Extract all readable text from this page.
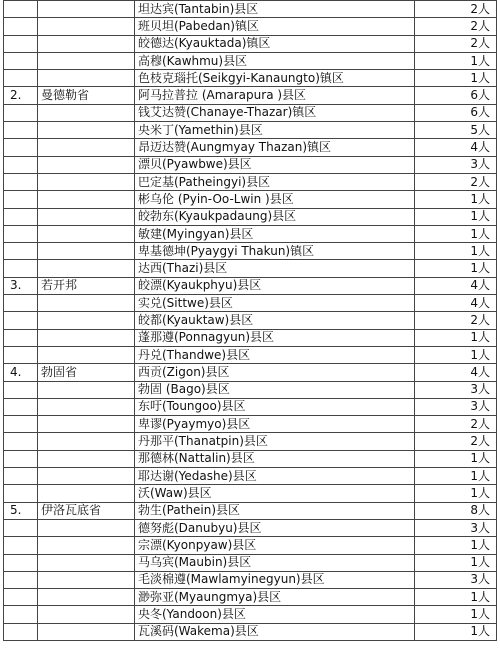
		坦达宾(Tantabin)县区	2人
		班贝坦(Pabedan)镇区	2人
		皎德达(Kyauktada)镇区	2人
		高穆(Kawhmu)县区	1人
		色枝克瑙托(Seikgyi-Kanaungto)镇区	1人
2.	曼德勒省	阿马拉普拉 (Amarapura )县区	6人
		钱艾达赞(Chanaye-Thazar)镇区	6人
		央米丁(Yamethin)县区	5人
		昂迈达赞(Aungmyay Thazan)镇区	4人
		漂贝(Pyawbwe)县区	3人
		巴定基(Patheingyi)县区	2人
		彬乌伦 (Pyin-Oo-Lwin )县区	1人
		皎勃东(Kyaukpadaung)县区	1人
		敏建(Myingyan)县区	1人
		卑基德坤(Pyaygyi Thakun)镇区	1人
		达西(Thazi)县区	1人
3.	若开邦	皎漂(Kyaukphyu)县区	4人
		实兑(Sittwe)县区	4人
		皎都(Kyauktaw)县区	2人
		蓬那遵(Ponnagyun)县区	1人
		丹兑(Thandwe)县区	1人
4.	勃固省	西贡(Zigon)县区	4人
		勃固 (Bago)县区	3人
		东吁(Toungoo)县区	3人
		卑谬(Pyaymyo)县区	2人
		丹那平(Thanatpin)县区	2人
		那德林(Nattalin)县区	1人
		耶达谢(Yedashe)县区	1人
		沃(Waw)县区	1人
5.	伊洛瓦底省	勃生(Pathein)县区	8人
		德努彪(Danubyu)县区	3人
		宗漂(Kyonpyaw)县区	1人
		马乌宾(Maubin)县区	1人
		毛淡棉遵(Mawlamyinegyun)县区	3人
		渺弥亚(Myaungmya)县区	1人
		央冬(Yandoon)县区	1人
		瓦溪码(Wakema)县区	1人
